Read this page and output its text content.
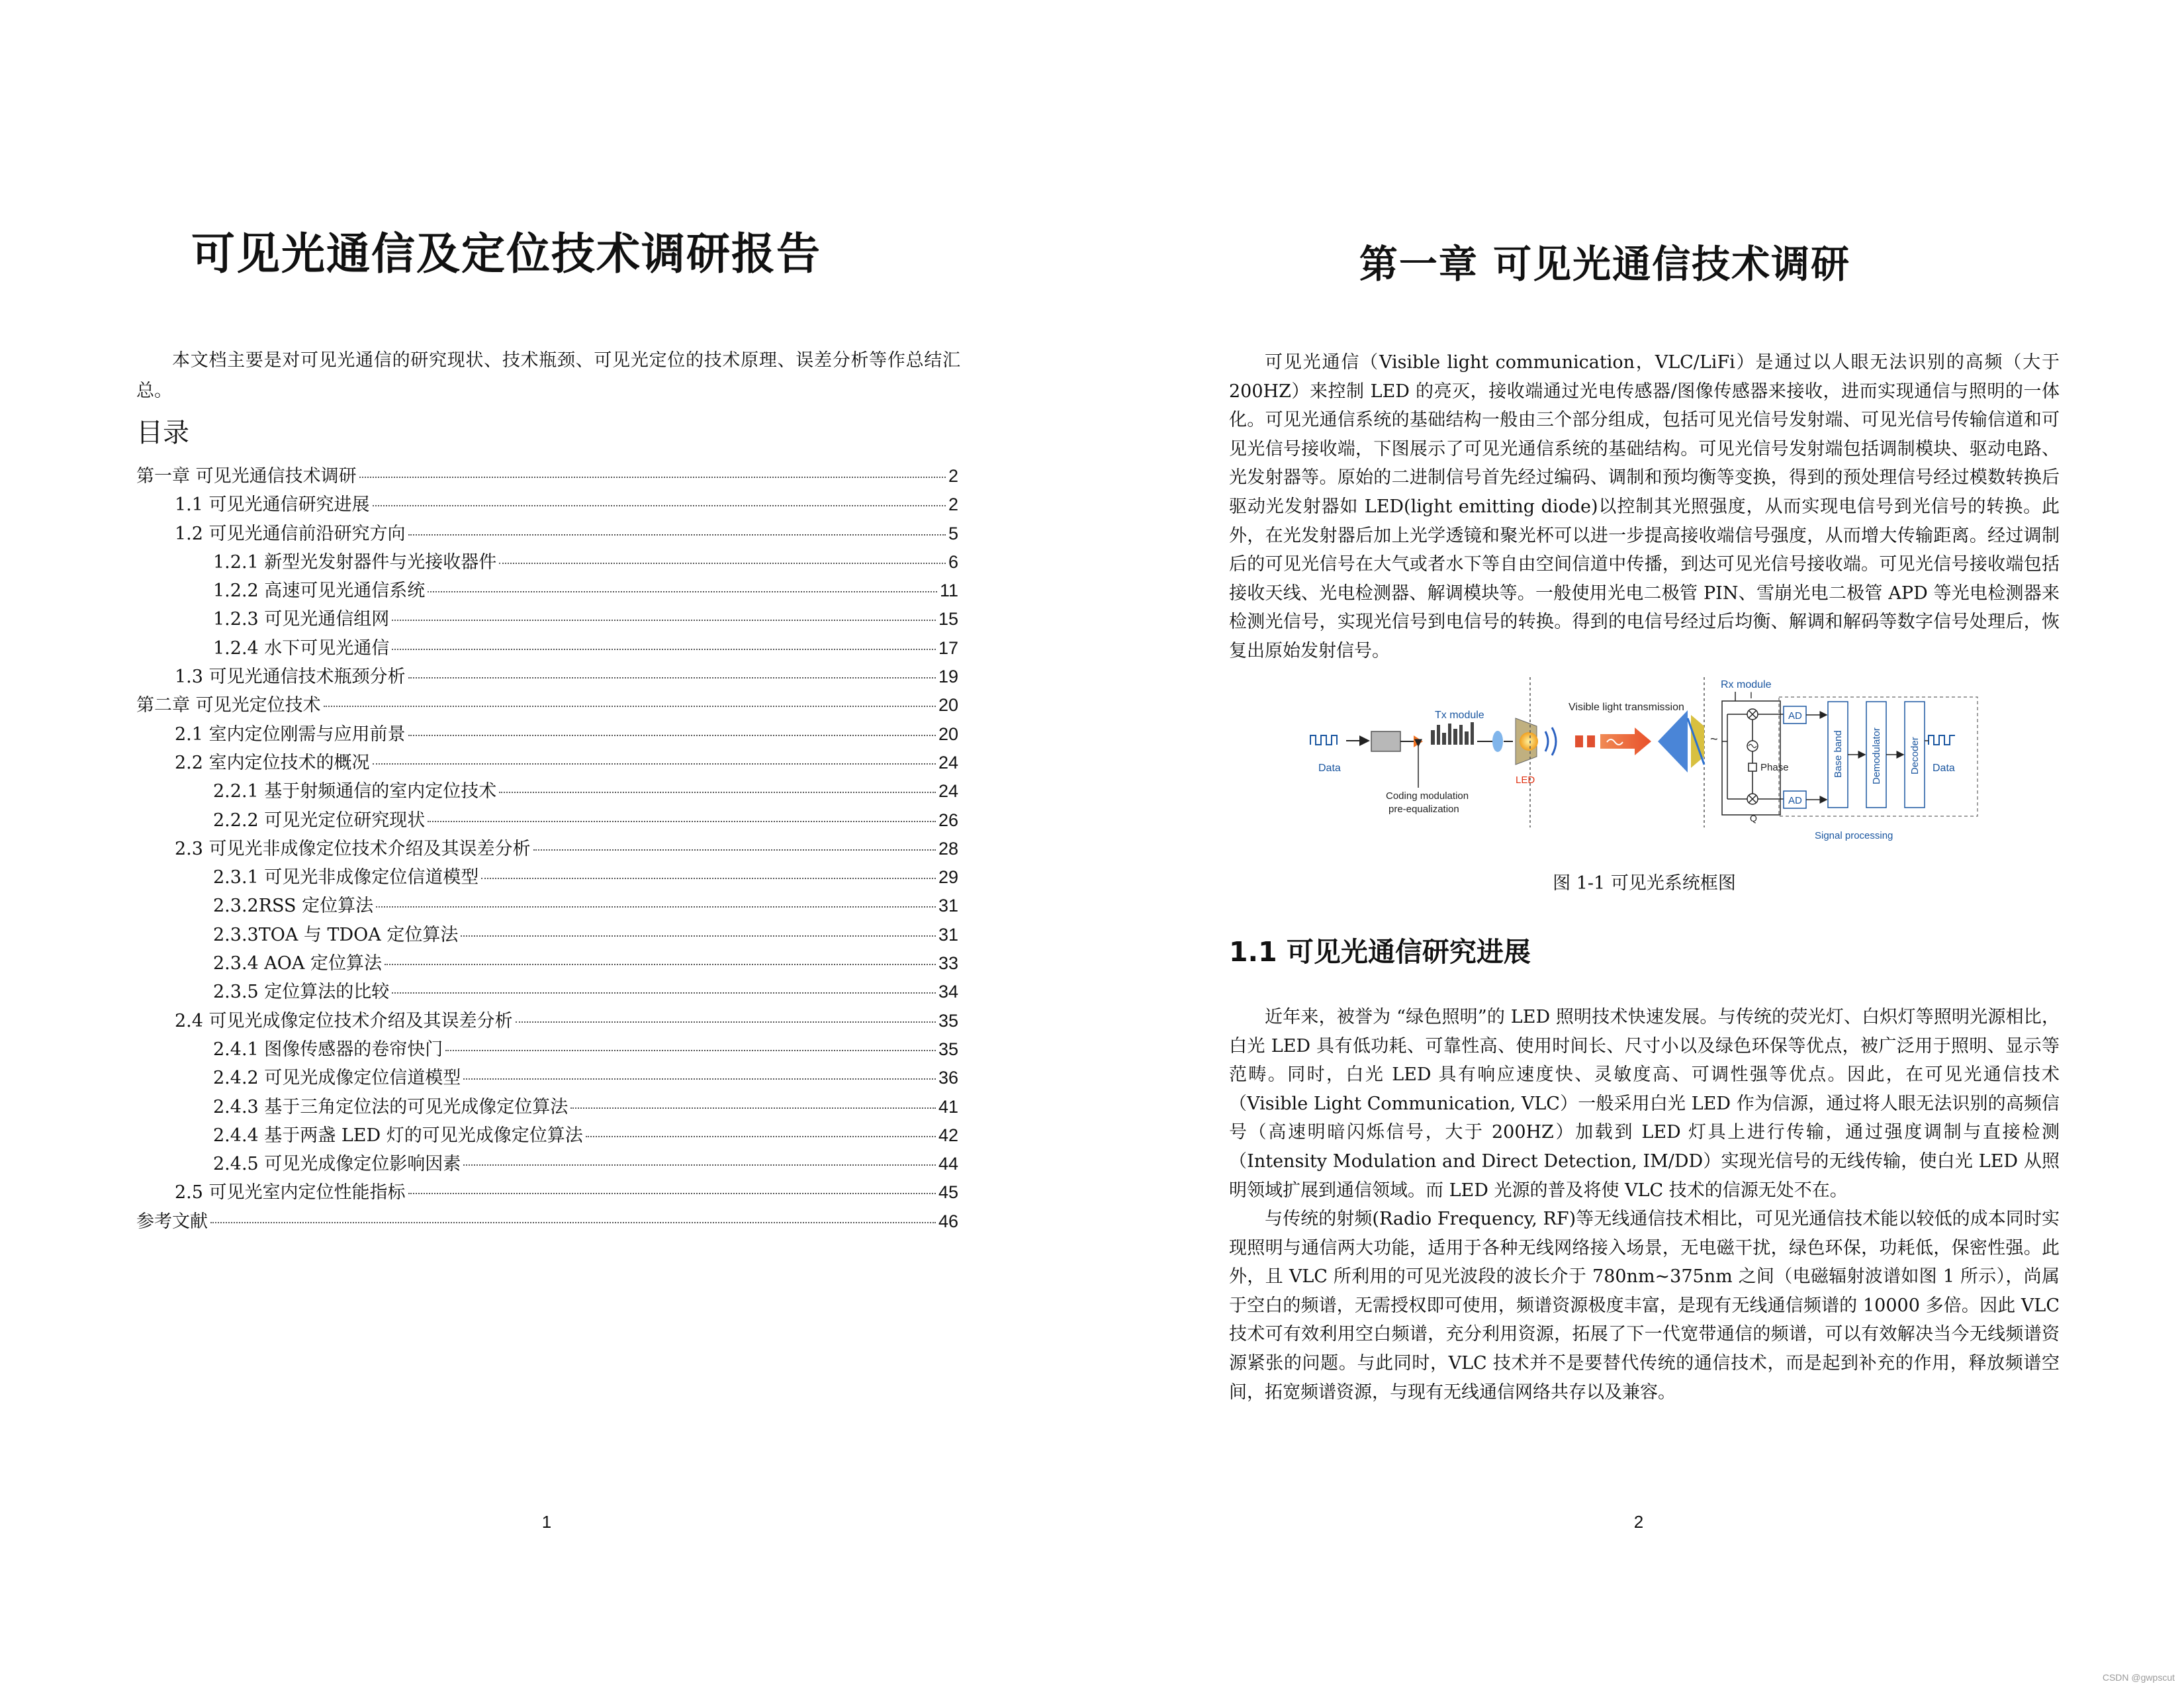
可见光通信及定位技术调研报告
本文档主要是对可见光通信的研究现状、技术瓶颈、可见光定位的技术原理、误差分析等作总结汇总。
目录
第一章 可见光通信技术调研	2
1.1 可见光通信研究进展	2
1.2 可见光通信前沿研究方向	5
1.2.1 新型光发射器件与光接收器件	6
1.2.2 高速可见光通信系统	11
1.2.3 可见光通信组网	15
1.2.4 水下可见光通信	17
1.3 可见光通信技术瓶颈分析	19
第二章 可见光定位技术	20
2.1 室内定位刚需与应用前景	20
2.2 室内定位技术的概况	24
2.2.1 基于射频通信的室内定位技术	24
2.2.2 可见光定位研究现状	26
2.3 可见光非成像定位技术介绍及其误差分析	28
2.3.1 可见光非成像定位信道模型	29
2.3.2RSS 定位算法	31
2.3.3TOA 与 TDOA 定位算法	31
2.3.4 AOA 定位算法	33
2.3.5 定位算法的比较	34
2.4 可见光成像定位技术介绍及其误差分析	35
2.4.1 图像传感器的卷帘快门	35
2.4.2 可见光成像定位信道模型	36
2.4.3 基于三角定位法的可见光成像定位算法	41
2.4.4 基于两盏 LED 灯的可见光成像定位算法	42
2.4.5 可见光成像定位影响因素	44
2.5 可见光室内定位性能指标	45
参考文献	46
1
第一章 可见光通信技术调研
可见光通信（Visible light communication，VLC/LiFi）是通过以人眼无法识别的高频（大于 200HZ）来控制 LED 的亮灭，接收端通过光电传感器/图像传感器来接收，进而实现通信与照明的一体化。可见光通信系统的基础结构一般由三个部分组成，包括可见光信号发射端、可见光信号传输信道和可见光信号接收端，下图展示了可见光通信系统的基础结构。可见光信号发射端包括调制模块、驱动电路、光发射器等。原始的二进制信号首先经过编码、调制和预均衡等变换，得到的预处理信号经过模数转换后驱动光发射器如 LED(light emitting diode)以控制其光照强度，从而实现电信号到光信号的转换。此外，在光发射器后加上光学透镜和聚光杯可以进一步提高接收端信号强度，从而增大传输距离。经过调制后的可见光信号在大气或者水下等自由空间信道中传播，到达可见光信号接收端。可见光信号接收端包括接收天线、光电检测器、解调模块等。一般使用光电二极管 PIN、雪崩光电二极管 APD 等光电检测器来检测光信号，实现光信号到电信号的转换。得到的电信号经过后均衡、解调和解码等数字信号处理后，恢复出原始发射信号。
Data
Coding modulation
pre-equalization
Tx module
LED
Visible light transmission
~
Rx module
I
Q
Phase
AD
AD
Signal processing
Base band	Demodulator	Decoder Data
图 1-1 可见光系统框图
1.1 可见光通信研究进展
近年来，被誉为 “绿色照明”的 LED 照明技术快速发展。与传统的荧光灯、白炽灯等照明光源相比，白光 LED 具有低功耗、可靠性高、使用时间长、尺寸小以及绿色环保等优点，被广泛用于照明、显示等范畴。同时，白光 LED 具有响应速度快、灵敏度高、可调性强等优点。因此，在可见光通信技术（Visible Light Communication, VLC）一般采用白光 LED 作为信源，通过将人眼无法识别的高频信号（高速明暗闪烁信号，大于 200HZ）加载到 LED 灯具上进行传输，通过强度调制与直接检测（Intensity Modulation and Direct Detection, IM/DD）实现光信号的无线传输，使白光 LED 从照明领域扩展到通信领域。而 LED 光源的普及将使 VLC 技术的信源无处不在。
与传统的射频(Radio Frequency, RF)等无线通信技术相比，可见光通信技术能以较低的成本同时实现照明与通信两大功能，适用于各种无线网络接入场景，无电磁干扰，绿色环保，功耗低，保密性强。此外，且 VLC 所利用的可见光波段的波长介于 780nm~375nm 之间（电磁辐射波谱如图 1 所示），尚属于空白的频谱，无需授权即可使用，频谱资源极度丰富，是现有无线通信频谱的 10000 多倍。因此 VLC 技术可有效利用空白频谱，充分利用资源，拓展了下一代宽带通信的频谱，可以有效解决当今无线频谱资源紧张的问题。与此同时，VLC 技术并不是要替代传统的通信技术，而是起到补充的作用，释放频谱空间，拓宽频谱资源，与现有无线通信网络共存以及兼容。
2
CSDN @gwpscut
